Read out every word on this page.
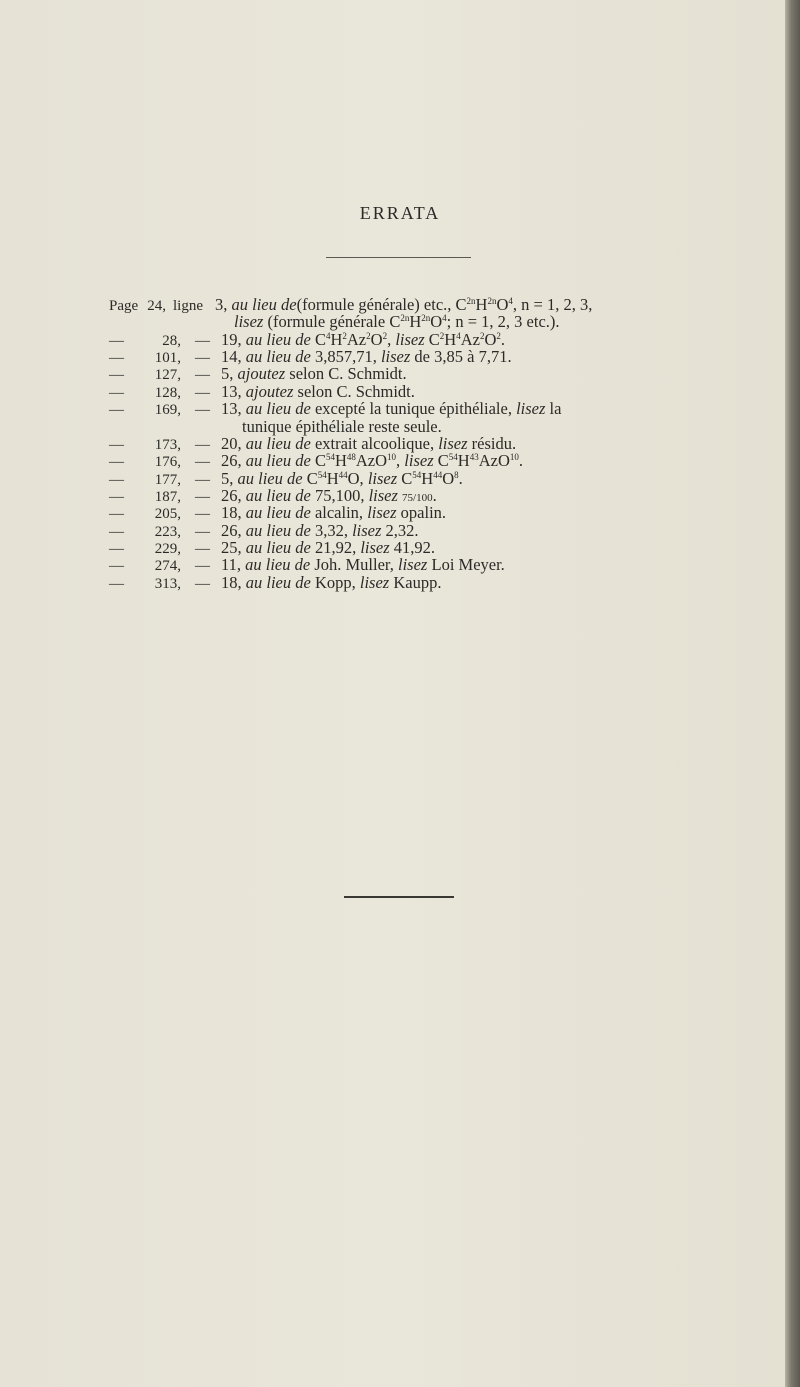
ERRATA
Page 24, ligne 3, au lieu de(formule générale) etc., $C^{2n}H^{2n}O^4$, n = 1, 2, 3,
lisez (formule générale $C^{2n}H^{2n}O^4$; n = 1, 2, 3 etc.).
—	28, — 19, au lieu de $C^4H^2Az^2O^2$, lisez $C^2H^4Az^2O^2$.
—	101, — 14, au lieu de 3,857,71, lisez de 3,85 à 7,71.
—	127, — 5, ajoutez selon C. Schmidt.
—	128, — 13, ajoutez selon C. Schmidt.
—	169, — 13, au lieu de excepté la tunique épithéliale, lisez la
tunique épithéliale reste seule.
—	173, — 20, au lieu de extrait alcoolique, lisez résidu.
—	176, — 26, au lieu de $C^{54}H^{48}AzO^{10}$, lisez $C^{54}H^{43}AzO^{10}$.
—	177, — 5, au lieu de $C^{54}H^{44}O$, lisez $C^{54}H^{44}O^8$.
—	187, — 26, au lieu de 75,100, lisez 75/100.
—	205, — 18, au lieu de alcalin, lisez opalin.
—	223, — 26, au lieu de 3,32, lisez 2,32.
—	229, — 25, au lieu de 21,92, lisez 41,92.
—	274, — 11, au lieu de Joh. Muller, lisez Loi Meyer.
—	313, — 18, au lieu de Kopp, lisez Kaupp.
